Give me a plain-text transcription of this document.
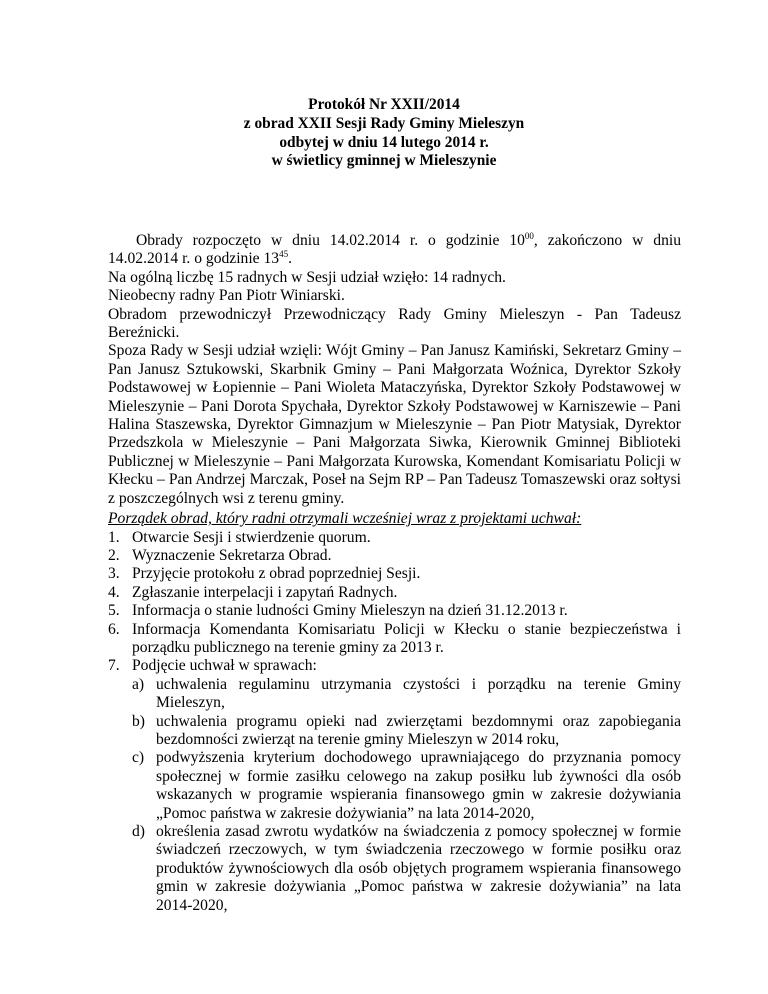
Protokół Nr XXII/2014
z obrad XXII Sesji Rady Gminy Mieleszyn
odbytej w dniu 14 lutego 2014 r.
w świetlicy gminnej w Mieleszynie

Obrady rozpoczęto w dniu 14.02.2014 r. o godzinie $10^{00}$, zakończono w dniu 14.02.2014 r. o godzinie $13^{45}$.

Na ogólną liczbę 15 radnych w Sesji udział wzięło: 14 radnych.

Nieobecny radny Pan Piotr Winiarski.

Obradom przewodniczył Przewodniczący Rady Gminy Mieleszyn - Pan Tadeusz Bereźnicki.

Spoza Rady w Sesji udział wzięli: Wójt Gminy – Pan Janusz Kamiński, Sekretarz Gminy – Pan Janusz Sztukowski, Skarbnik Gminy – Pani Małgorzata Woźnica, Dyrektor Szkoły Podstawowej w Łopiennie – Pani Wioleta Mataczyńska, Dyrektor Szkoły Podstawowej w Mieleszynie – Pani Dorota Spychała, Dyrektor Szkoły Podstawowej w Karniszewie – Pani Halina Staszewska, Dyrektor Gimnazjum w Mieleszynie – Pan Piotr Matysiak, Dyrektor Przedszkola w Mieleszynie – Pani Małgorzata Siwka, Kierownik Gminnej Biblioteki Publicznej w Mieleszynie – Pani Małgorzata Kurowska, Komendant Komisariatu Policji w Kłecku – Pan Andrzej Marczak, Poseł na Sejm RP – Pan Tadeusz Tomaszewski oraz sołtysi z poszczególnych wsi z terenu gminy.

Porządek obrad, który radni otrzymali wcześniej wraz z projektami uchwał:

1. Otwarcie Sesji i stwierdzenie quorum.
2. Wyznaczenie Sekretarza Obrad.
3. Przyjęcie protokołu z obrad poprzedniej Sesji.
4. Zgłaszanie interpelacji i zapytań Radnych.
5. Informacja o stanie ludności Gminy Mieleszyn na dzień 31.12.2013 r.
6. Informacja Komendanta Komisariatu Policji w Kłecku o stanie bezpieczeństwa i porządku publicznego na terenie gminy za 2013 r.
7. Podjęcie uchwał w sprawach:
a) uchwalenia regulaminu utrzymania czystości i porządku na terenie Gminy Mieleszyn,
b) uchwalenia programu opieki nad zwierzętami bezdomnymi oraz zapobiegania bezdomności zwierząt na terenie gminy Mieleszyn w 2014 roku,
c) podwyższenia kryterium dochodowego uprawniającego do przyznania pomocy społecznej w formie zasiłku celowego na zakup posiłku lub żywności dla osób wskazanych w programie wspierania finansowego gmin w zakresie dożywiania „Pomoc państwa w zakresie dożywiania” na lata 2014-2020,
d) określenia zasad zwrotu wydatków na świadczenia z pomocy społecznej w formie świadczeń rzeczowych, w tym świadczenia rzeczowego w formie posiłku oraz produktów żywnościowych dla osób objętych programem wspierania finansowego gmin w zakresie dożywiania „Pomoc państwa w zakresie dożywiania” na lata 2014-2020,
